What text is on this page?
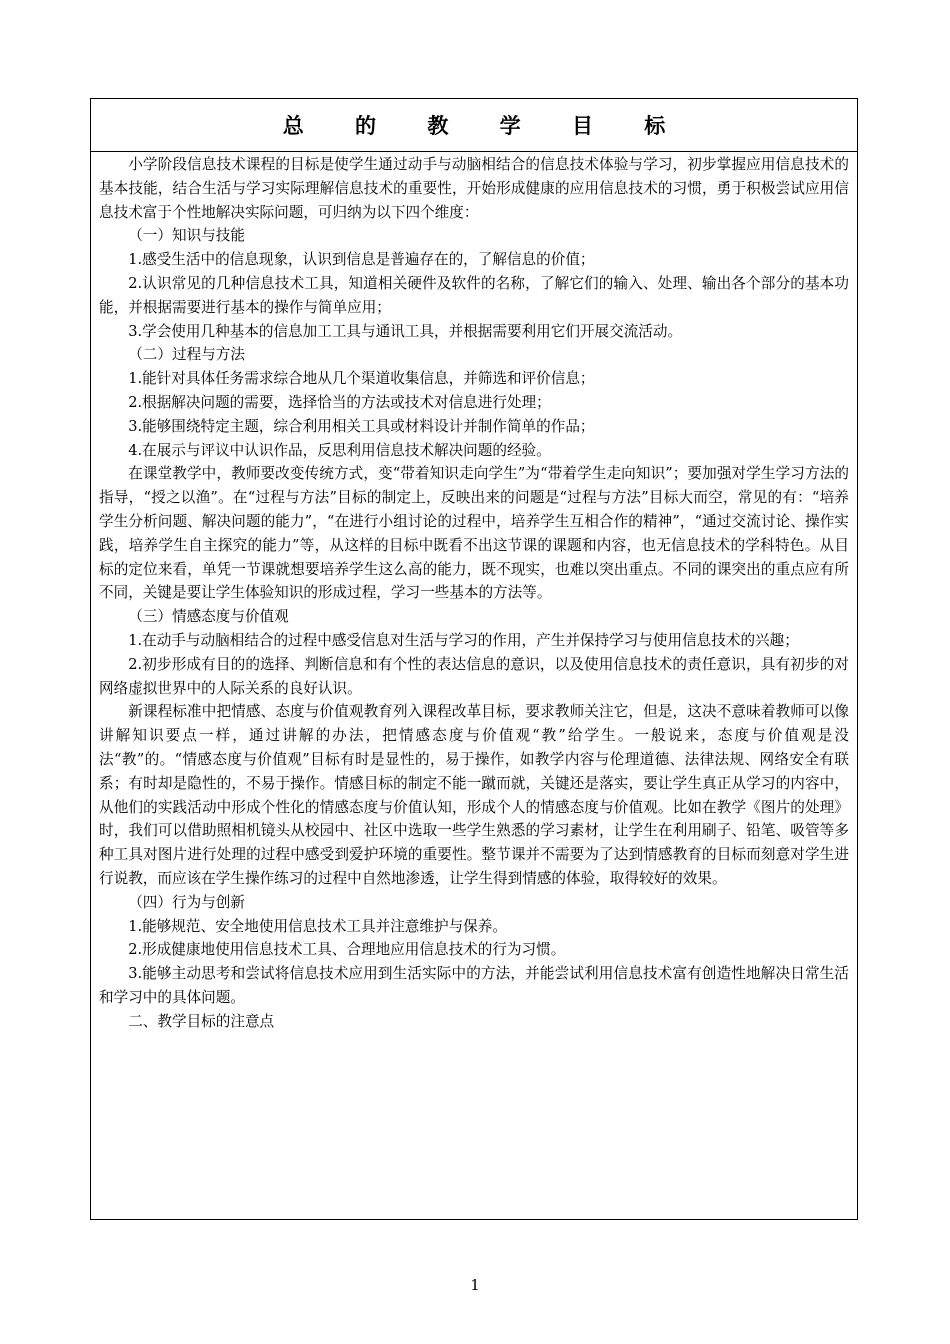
总 的 教 学 目 标

小学阶段信息技术课程的目标是使学生通过动手与动脑相结合的信息技术体验与学习，初步掌握应用信息技术的基本技能，结合生活与学习实际理解信息技术的重要性，开始形成健康的应用信息技术的习惯，勇于积极尝试应用信息技术富于个性地解决实际问题，可归纳为以下四个维度：

（一）知识与技能

1.感受生活中的信息现象，认识到信息是普遍存在的，了解信息的价值；

2.认识常见的几种信息技术工具，知道相关硬件及软件的名称，了解它们的输入、处理、输出各个部分的基本功能，并根据需要进行基本的操作与简单应用；

3.学会使用几种基本的信息加工工具与通讯工具，并根据需要利用它们开展交流活动。

（二）过程与方法

1.能针对具体任务需求综合地从几个渠道收集信息，并筛选和评价信息；

2.根据解决问题的需要，选择恰当的方法或技术对信息进行处理；

3.能够围绕特定主题，综合利用相关工具或材料设计并制作简单的作品；

4.在展示与评议中认识作品，反思利用信息技术解决问题的经验。

在课堂教学中，教师要改变传统方式，变“带着知识走向学生”为“带着学生走向知识”；要加强对学生学习方法的指导，“授之以渔”。在“过程与方法”目标的制定上，反映出来的问题是“过程与方法”目标大而空，常见的有：“培养学生分析问题、解决问题的能力”，“在进行小组讨论的过程中，培养学生互相合作的精神”，“通过交流讨论、操作实践，培养学生自主探究的能力”等，从这样的目标中既看不出这节课的课题和内容，也无信息技术的学科特色。从目标的定位来看，单凭一节课就想要培养学生这么高的能力，既不现实，也难以突出重点。不同的课突出的重点应有所不同，关键是要让学生体验知识的形成过程，学习一些基本的方法等。

（三）情感态度与价值观

1.在动手与动脑相结合的过程中感受信息对生活与学习的作用，产生并保持学习与使用信息技术的兴趣；

2.初步形成有目的的选择、判断信息和有个性的表达信息的意识，以及使用信息技术的责任意识，具有初步的对网络虚拟世界中的人际关系的良好认识。

新课程标准中把情感、态度与价值观教育列入课程改革目标，要求教师关注它，但是，这决不意味着教师可以像讲解知识要点一样，通过讲解的办法，把情感态度与价值观“教”给学生。一般说来，态度与价值观是没法“教”的。“情感态度与价值观”目标有时是显性的，易于操作，如教学内容与伦理道德、法律法规、网络安全有联系；有时却是隐性的，不易于操作。情感目标的制定不能一蹴而就，关键还是落实，要让学生真正从学习的内容中，从他们的实践活动中形成个性化的情感态度与价值认知，形成个人的情感态度与价值观。比如在教学《图片的处理》时，我们可以借助照相机镜头从校园中、社区中选取一些学生熟悉的学习素材，让学生在利用刷子、铅笔、吸管等多种工具对图片进行处理的过程中感受到爱护环境的重要性。整节课并不需要为了达到情感教育的目标而刻意对学生进行说教，而应该在学生操作练习的过程中自然地渗透，让学生得到情感的体验，取得较好的效果。

（四）行为与创新

1.能够规范、安全地使用信息技术工具并注意维护与保养。

2.形成健康地使用信息技术工具、合理地应用信息技术的行为习惯。

3.能够主动思考和尝试将信息技术应用到生活实际中的方法，并能尝试利用信息技术富有创造性地解决日常生活和学习中的具体问题。

二、教学目标的注意点

1
